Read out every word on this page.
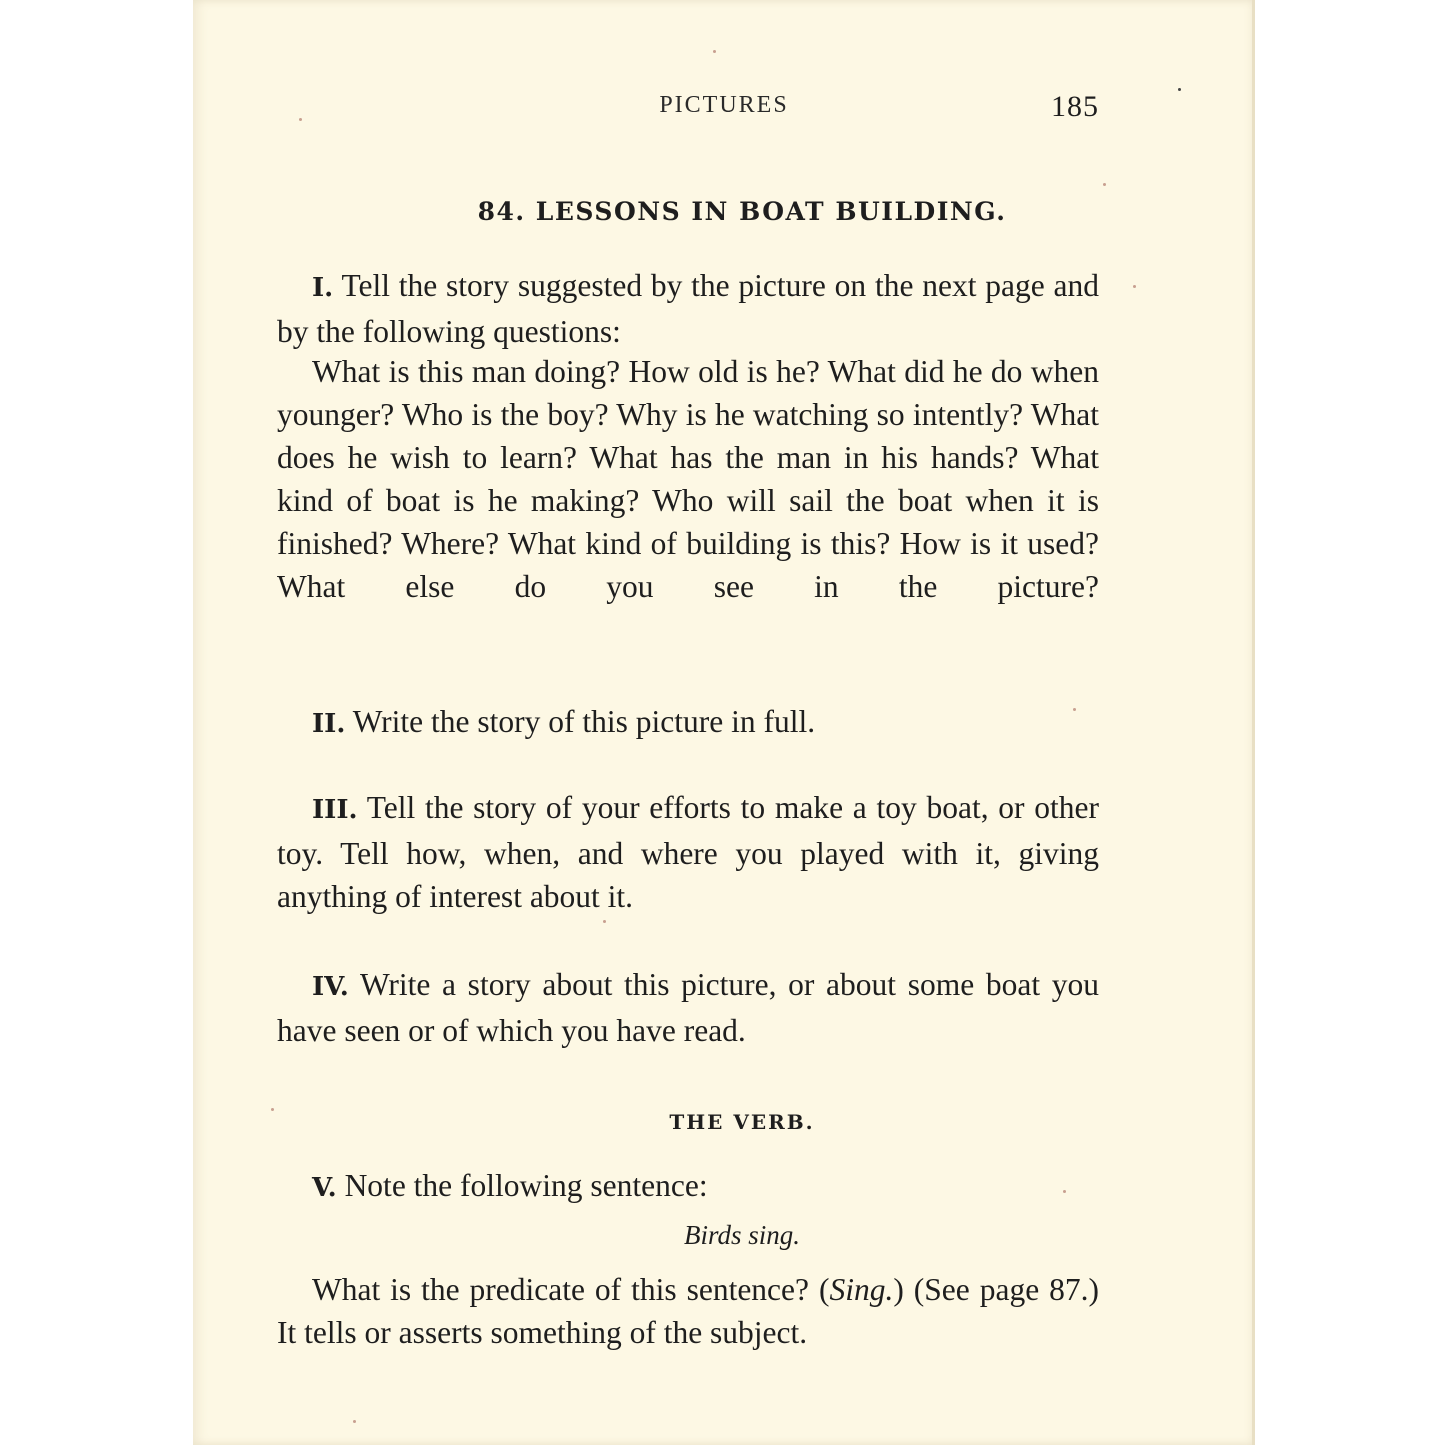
PICTURES	185
84. LESSONS IN BOAT BUILDING.
I. Tell the story suggested by the picture on the next page and by the following questions:
What is this man doing? How old is he? What did he do when younger? Who is the boy? Why is he watching so intently? What does he wish to learn? What has the man in his hands? What kind of boat is he making? Who will sail the boat when it is finished? Where? What kind of building is this? How is it used? What else do you see in the picture?
II. Write the story of this picture in full.
III. Tell the story of your efforts to make a toy boat, or other toy. Tell how, when, and where you played with it, giving anything of interest about it.
IV. Write a story about this picture, or about some boat you have seen or of which you have read.
THE VERB.
V. Note the following sentence:
Birds sing.
What is the predicate of this sentence? (Sing.) (See page 87.) It tells or asserts something of the subject.
